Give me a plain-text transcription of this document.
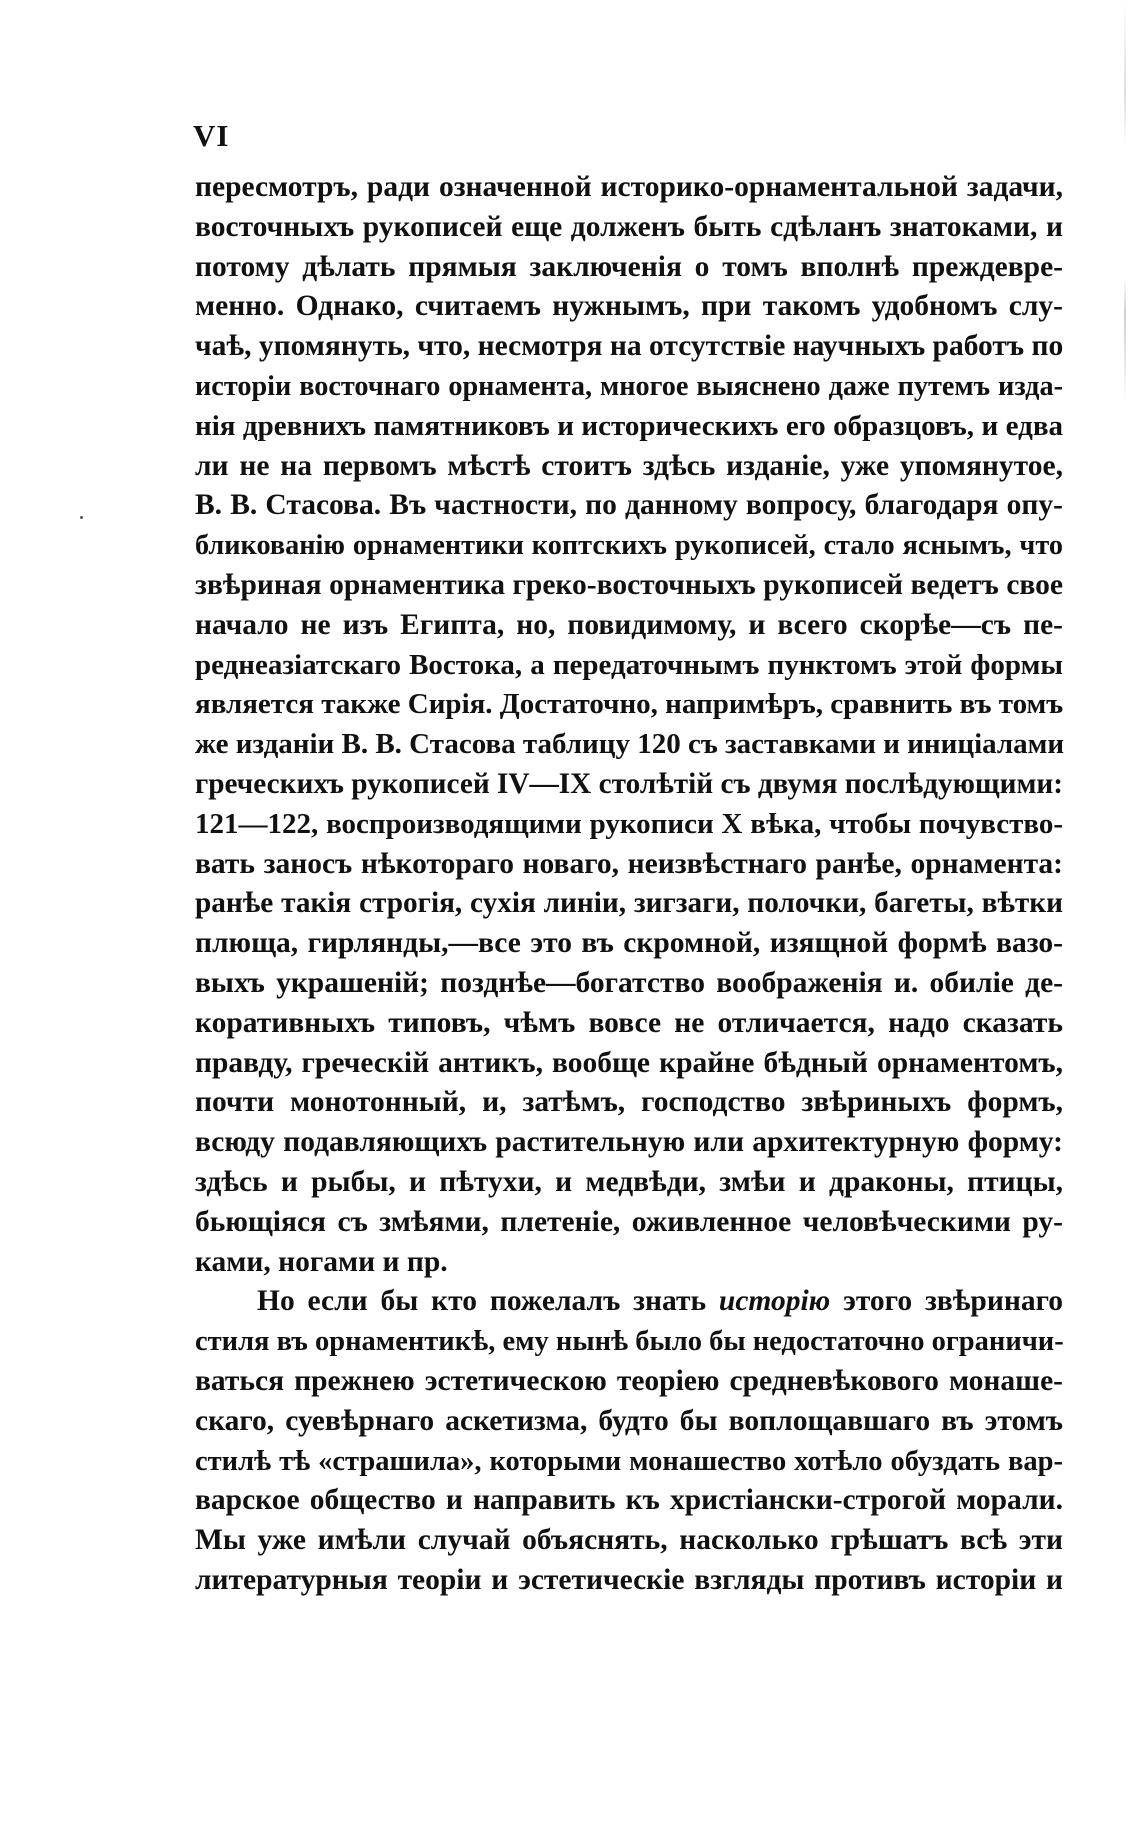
VI
пересмотръ, ради означенной историко-орнаментальной задачи,
восточныхъ рукописей еще долженъ быть сдѣланъ знатоками, и
потому дѣлать прямыя заключенія о томъ вполнѣ преждевре-
менно. Однако, считаемъ нужнымъ, при такомъ удобномъ слу-
чаѣ, упомянуть, что, несмотря на отсутствіе научныхъ работъ по
исторіи восточнаго орнамента, многое выяснено даже путемъ изда-
нія древнихъ памятниковъ и историческихъ его образцовъ, и едва
ли не на первомъ мѣстѣ стоитъ здѣсь изданіе, уже упомянутое,
В. В. Стасова. Въ частности, по данному вопросу, благодаря опу-
бликованію орнаментики коптскихъ рукописей, стало яснымъ, что
звѣриная орнаментика греко-восточныхъ рукописей ведетъ свое
начало не изъ Египта, но, повидимому, и всего скорѣе—съ пе-
реднеазіатскаго Востока, а передаточнымъ пунктомъ этой формы
является также Сирія. Достаточно, напримѣръ, сравнить въ томъ
же изданіи В. В. Стасова таблицу 120 съ заставками и иниціалами
греческихъ рукописей IV—IX столѣтій съ двумя послѣдующими:
121—122, воспроизводящими рукописи X вѣка, чтобы почувство-
вать заносъ нѣкотораго новаго, неизвѣстнаго ранѣе, орнамента:
ранѣе такія строгія, сухія линіи, зигзаги, полочки, багеты, вѣтки
плюща, гирлянды,—все это въ скромной, изящной формѣ вазо-
выхъ украшеній; позднѣе—богатство воображенія и. обиліе де-
коративныхъ типовъ, чѣмъ вовсе не отличается, надо сказать
правду, греческій антикъ, вообще крайне бѣдный орнаментомъ,
почти монотонный, и, затѣмъ, господство звѣриныхъ формъ,
всюду подавляющихъ растительную или архитектурную форму:
здѣсь и рыбы, и пѣтухи, и медвѣди, змѣи и драконы, птицы,
бьющіяся съ змѣями, плетеніе, оживленное человѣческими ру-
ками, ногами и пр.
Но если бы кто пожелалъ знать исторію этого звѣринаго
стиля въ орнаментикѣ, ему нынѣ было бы недостаточно ограничи-
ваться прежнею эстетическою теоріею средневѣкового монаше-
скаго, суевѣрнаго аскетизма, будто бы воплощавшаго въ этомъ
стилѣ тѣ «страшила», которыми монашество хотѣло обуздать вар-
варское общество и направить къ христіански-строгой морали.
Мы уже имѣли случай объяснять, насколько грѣшатъ всѣ эти
литературныя теоріи и эстетическіе взгляды противъ исторіи и
